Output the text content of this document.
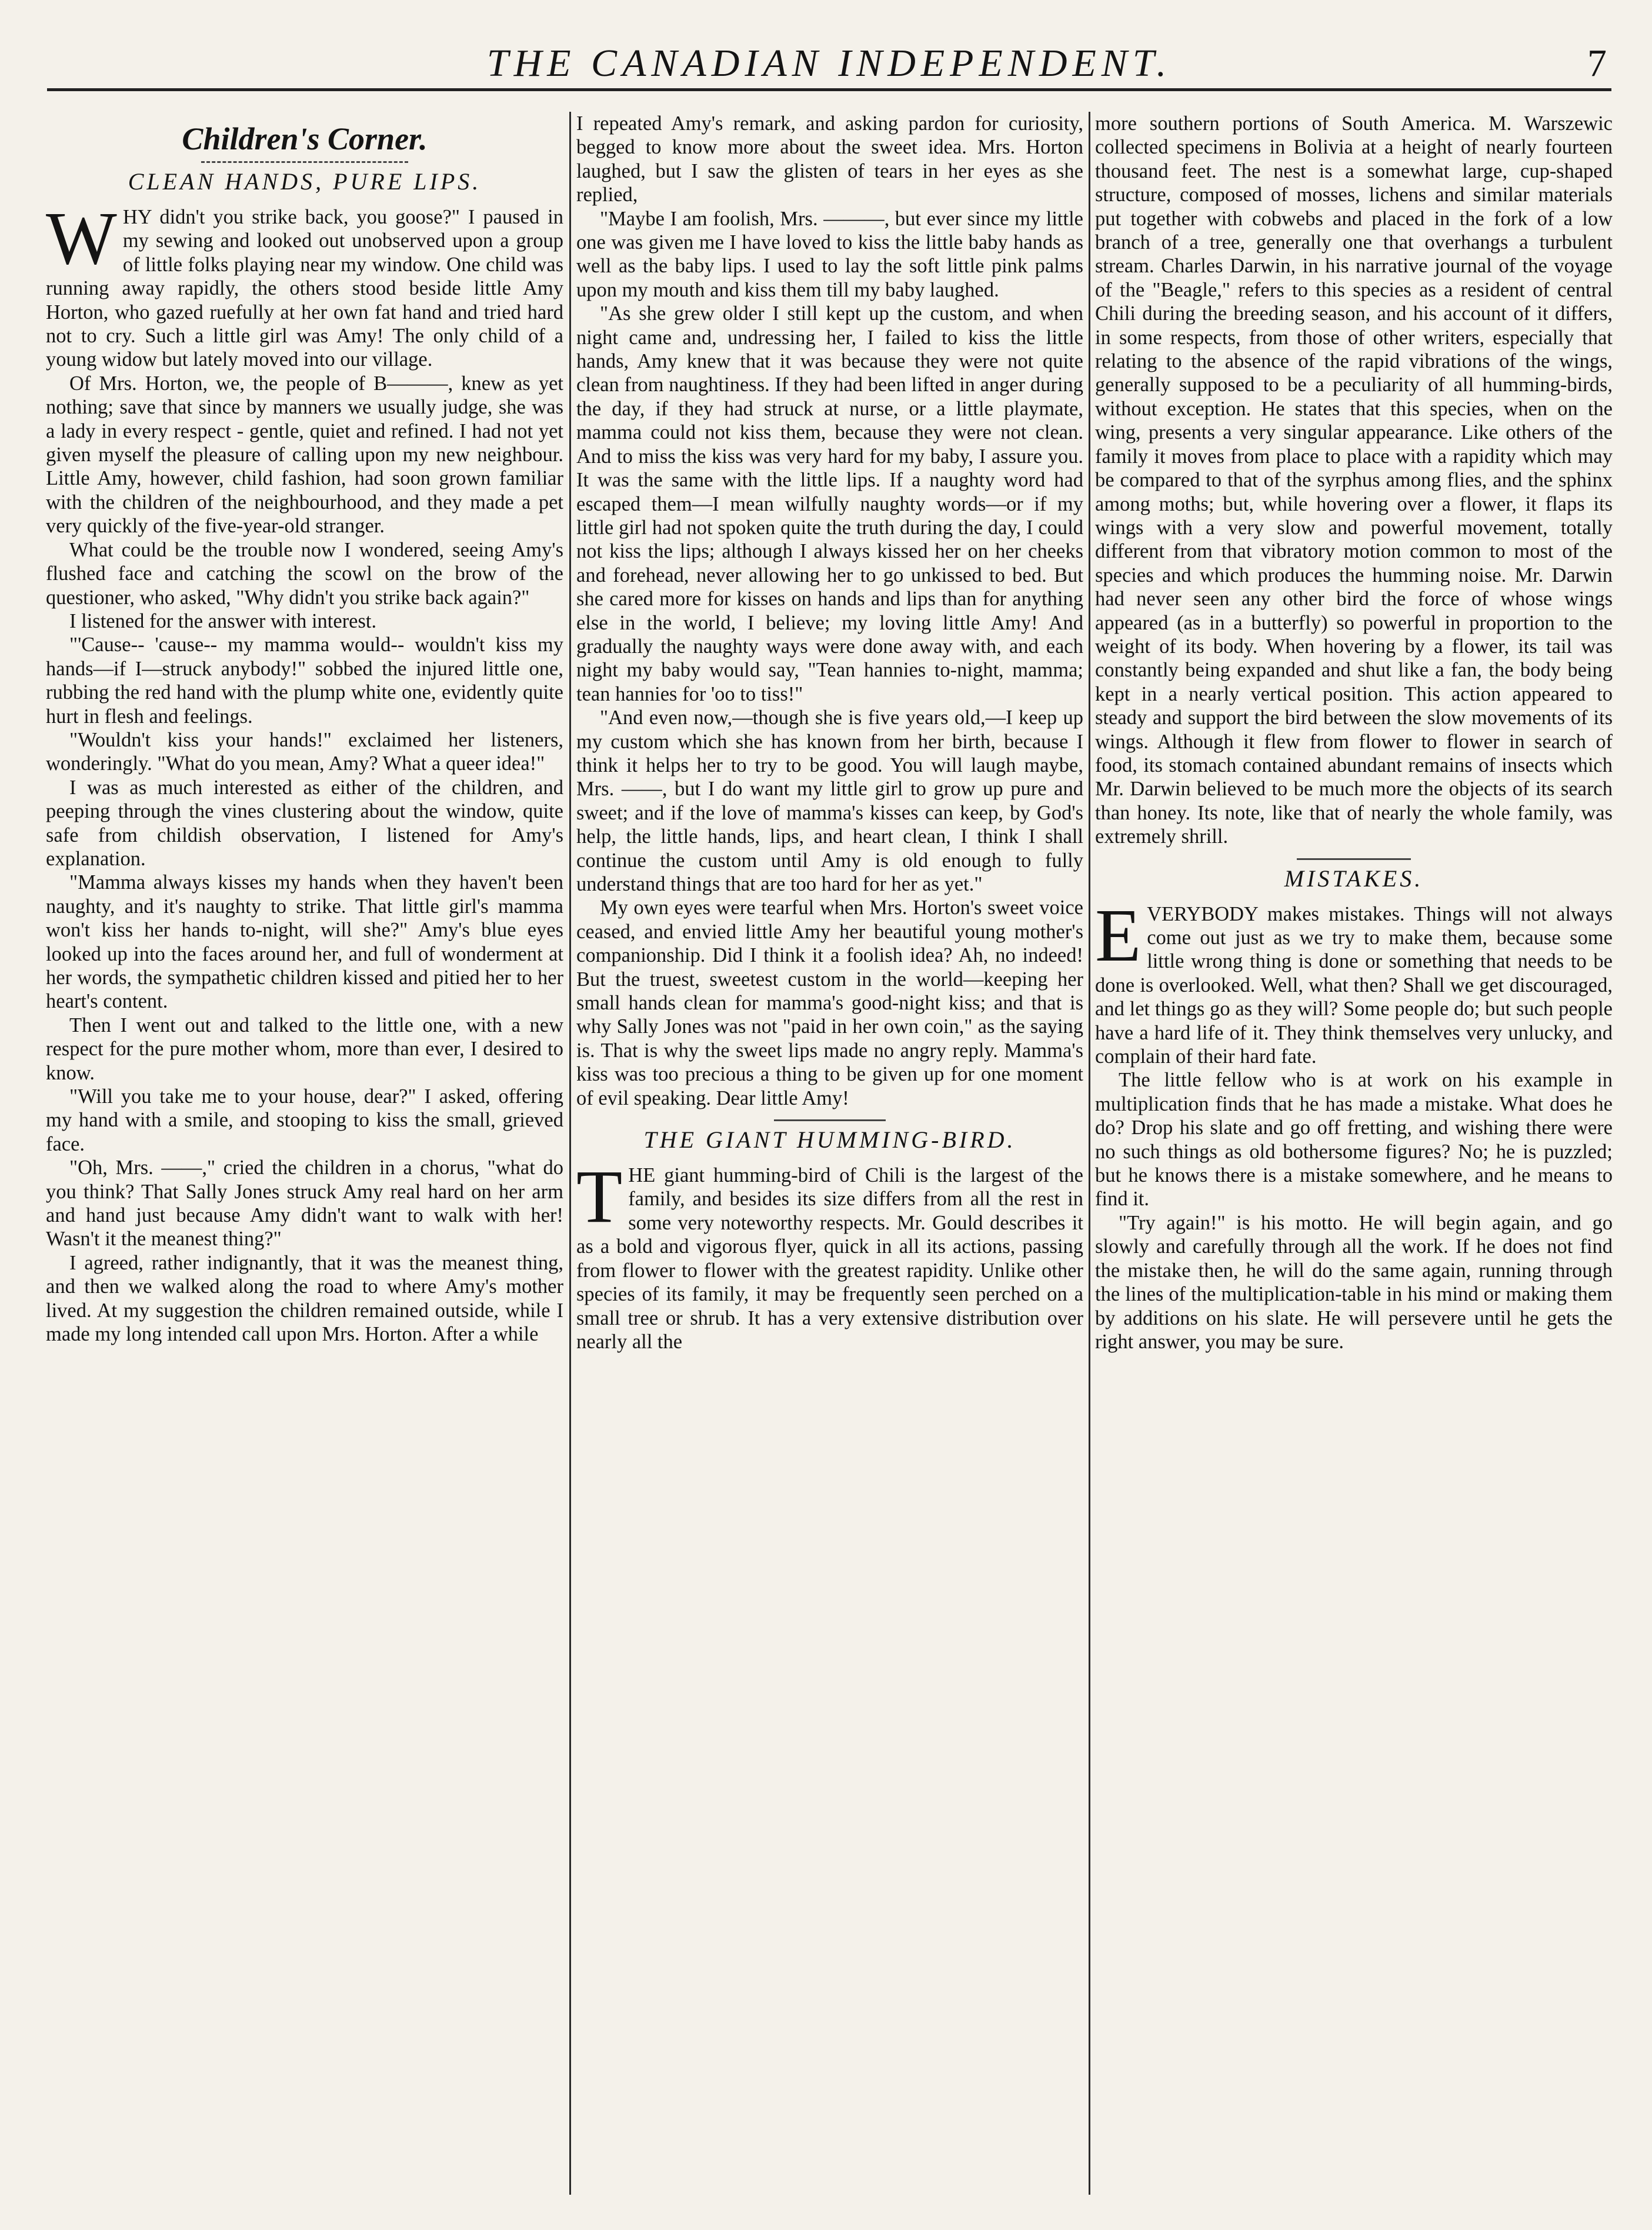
THE CANADIAN INDEPENDENT.	7
Children's Corner.
CLEAN HANDS, PURE LIPS.

WHY didn't you strike back, you goose?" I paused in my sewing and looked out unobserved upon a group of little folks playing near my window. One child was running away rapidly, the others stood beside little Amy Horton, who gazed ruefully at her own fat hand and tried hard not to cry. Such a little girl was Amy! The only child of a young widow but lately moved into our village.

Of Mrs. Horton, we, the people of B———, knew as yet nothing; save that since by manners we usually judge, she was a lady in every respect - gentle, quiet and refined. I had not yet given myself the pleasure of calling upon my new neighbour. Little Amy, however, child fashion, had soon grown familiar with the children of the neighbourhood, and they made a pet very quickly of the five-year-old stranger.

What could be the trouble now I wondered, seeing Amy's flushed face and catching the scowl on the brow of the questioner, who asked, "Why didn't you strike back again?"

I listened for the answer with interest.

"'Cause-- 'cause-- my mamma would-- wouldn't kiss my hands—if I—struck anybody!" sobbed the injured little one, rubbing the red hand with the plump white one, evidently quite hurt in flesh and feelings.

"Wouldn't kiss your hands!" exclaimed her listeners, wonderingly. "What do you mean, Amy? What a queer idea!"

I was as much interested as either of the children, and peeping through the vines clustering about the window, quite safe from childish observation, I listened for Amy's explanation.

"Mamma always kisses my hands when they haven't been naughty, and it's naughty to strike. That little girl's mamma won't kiss her hands to-night, will she?" Amy's blue eyes looked up into the faces around her, and full of wonderment at her words, the sympathetic children kissed and pitied her to her heart's content.

Then I went out and talked to the little one, with a new respect for the pure mother whom, more than ever, I desired to know.

"Will you take me to your house, dear?" I asked, offering my hand with a smile, and stooping to kiss the small, grieved face.

"Oh, Mrs. ——," cried the children in a chorus, "what do you think? That Sally Jones struck Amy real hard on her arm and hand just because Amy didn't want to walk with her! Wasn't it the meanest thing?"

I agreed, rather indignantly, that it was the meanest thing, and then we walked along the road to where Amy's mother lived. At my suggestion the children remained outside, while I made my long intended call upon Mrs. Horton. After a while

I repeated Amy's remark, and asking pardon for curiosity, begged to know more about the sweet idea. Mrs. Horton laughed, but I saw the glisten of tears in her eyes as she replied,

"Maybe I am foolish, Mrs. ———, but ever since my little one was given me I have loved to kiss the little baby hands as well as the baby lips. I used to lay the soft little pink palms upon my mouth and kiss them till my baby laughed.

"As she grew older I still kept up the custom, and when night came and, undressing her, I failed to kiss the little hands, Amy knew that it was because they were not quite clean from naughtiness. If they had been lifted in anger during the day, if they had struck at nurse, or a little playmate, mamma could not kiss them, because they were not clean. And to miss the kiss was very hard for my baby, I assure you. It was the same with the little lips. If a naughty word had escaped them—I mean wilfully naughty words—or if my little girl had not spoken quite the truth during the day, I could not kiss the lips; although I always kissed her on her cheeks and forehead, never allowing her to go unkissed to bed. But she cared more for kisses on hands and lips than for anything else in the world, I believe; my loving little Amy! And gradually the naughty ways were done away with, and each night my baby would say, "Tean hannies to-night, mamma; tean hannies for 'oo to tiss!"

"And even now,—though she is five years old,—I keep up my custom which she has known from her birth, because I think it helps her to try to be good. You will laugh maybe, Mrs. ——, but I do want my little girl to grow up pure and sweet; and if the love of mamma's kisses can keep, by God's help, the little hands, lips, and heart clean, I think I shall continue the custom until Amy is old enough to fully understand things that are too hard for her as yet."

My own eyes were tearful when Mrs. Horton's sweet voice ceased, and envied little Amy her beautiful young mother's companionship. Did I think it a foolish idea? Ah, no indeed! But the truest, sweetest custom in the world—keeping her small hands clean for mamma's good-night kiss; and that is why Sally Jones was not "paid in her own coin," as the saying is. That is why the sweet lips made no angry reply. Mamma's kiss was too precious a thing to be given up for one moment of evil speaking. Dear little Amy!

THE GIANT HUMMING-BIRD.

THE giant humming-bird of Chili is the largest of the family, and besides its size differs from all the rest in some very noteworthy respects. Mr. Gould describes it as a bold and vigorous flyer, quick in all its actions, passing from flower to flower with the greatest rapidity. Unlike other species of its family, it may be frequently seen perched on a small tree or shrub. It has a very extensive distribution over nearly all the

more southern portions of South America. M. Warszewic collected specimens in Bolivia at a height of nearly fourteen thousand feet. The nest is a somewhat large, cup-shaped structure, composed of mosses, lichens and similar materials put together with cobwebs and placed in the fork of a low branch of a tree, generally one that overhangs a turbulent stream. Charles Darwin, in his narrative journal of the voyage of the "Beagle," refers to this species as a resident of central Chili during the breeding season, and his account of it differs, in some respects, from those of other writers, especially that relating to the absence of the rapid vibrations of the wings, generally supposed to be a peculiarity of all humming-birds, without exception. He states that this species, when on the wing, presents a very singular appearance. Like others of the family it moves from place to place with a rapidity which may be compared to that of the syrphus among flies, and the sphinx among moths; but, while hovering over a flower, it flaps its wings with a very slow and powerful movement, totally different from that vibratory motion common to most of the species and which produces the humming noise. Mr. Darwin had never seen any other bird the force of whose wings appeared (as in a butterfly) so powerful in proportion to the weight of its body. When hovering by a flower, its tail was constantly being expanded and shut like a fan, the body being kept in a nearly vertical position. This action appeared to steady and support the bird between the slow movements of its wings. Although it flew from flower to flower in search of food, its stomach contained abundant remains of insects which Mr. Darwin believed to be much more the objects of its search than honey. Its note, like that of nearly the whole family, was extremely shrill.

MISTAKES.

EVERYBODY makes mistakes. Things will not always come out just as we try to make them, because some little wrong thing is done or something that needs to be done is overlooked. Well, what then? Shall we get discouraged, and let things go as they will? Some people do; but such people have a hard life of it. They think themselves very unlucky, and complain of their hard fate.

The little fellow who is at work on his example in multiplication finds that he has made a mistake. What does he do? Drop his slate and go off fretting, and wishing there were no such things as old bothersome figures? No; he is puzzled; but he knows there is a mistake somewhere, and he means to find it.

"Try again!" is his motto. He will begin again, and go slowly and carefully through all the work. If he does not find the mistake then, he will do the same again, running through the lines of the multiplication-table in his mind or making them by additions on his slate. He will persevere until he gets the right answer, you may be sure.
